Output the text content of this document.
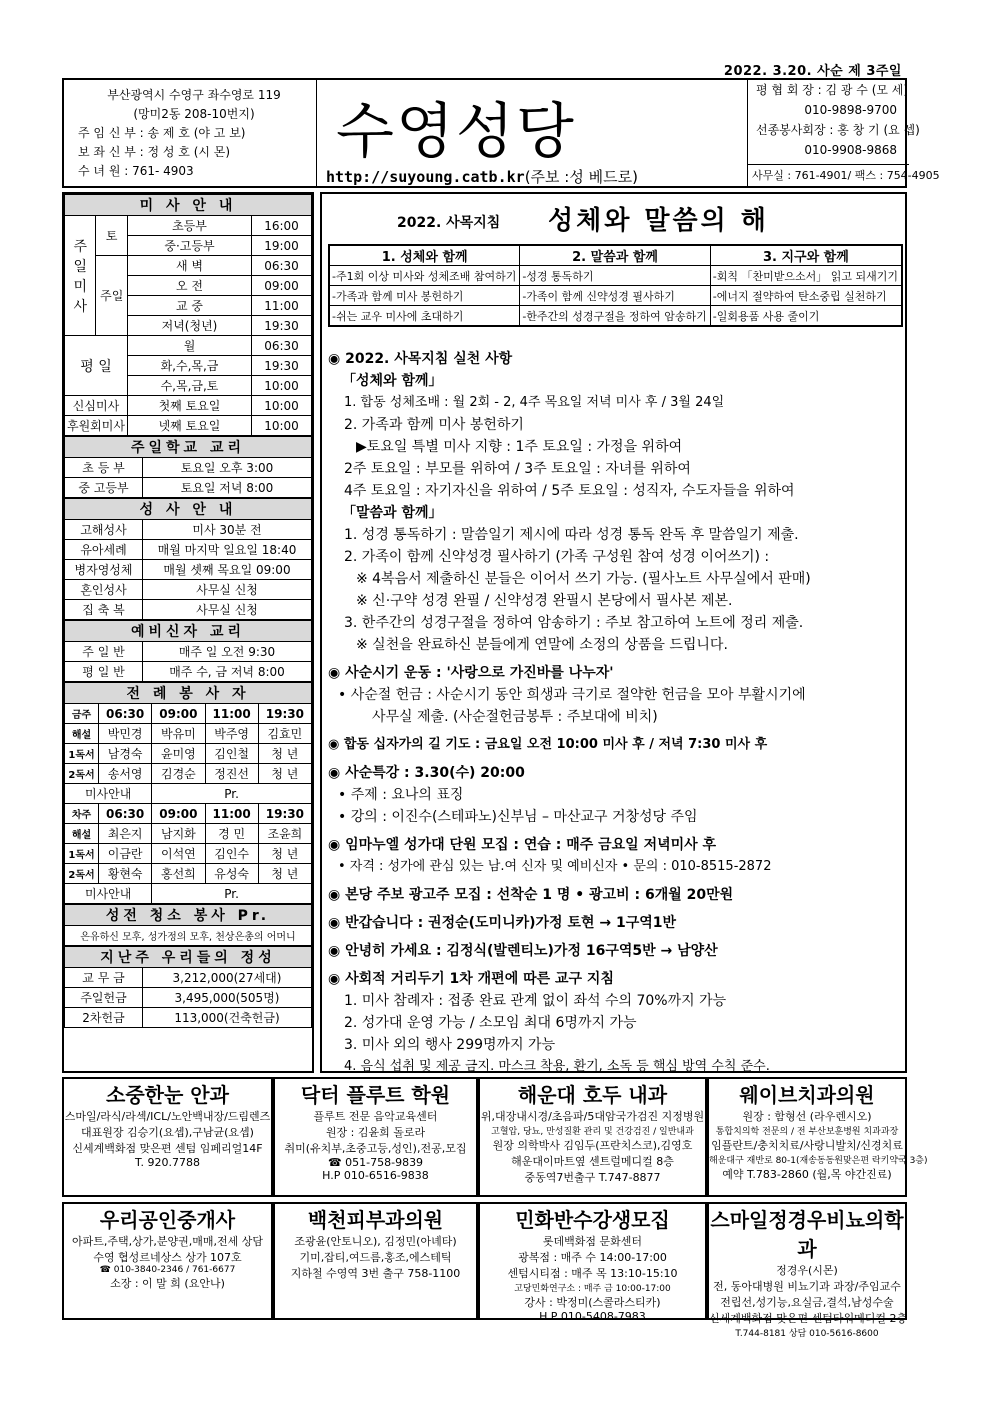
2022. 3.20. 사순 제 3주일
부산광역시 수영구 좌수영로 119
(망미2동 208-10번지)
주 임 신 부 : 송 제 호 (야 고 보)
보 좌 신 부 : 정 성 호 (시 몬)
수 녀 원 : 761- 4903
수영성당
http://suyoung.catb.kr(주보 :성 베드로)
평 협 회 장 : 김 광 수 (모 세)
010-9898-9700
선종봉사회장 : 홍 창 기 (요 셉)
010-9908-9868
사무실 : 761-4901/ 팩스 : 754-4905
미 사 안 내			
주일미사	토	초등부	16:00
		중·고등부	19:00
	주일	새 벽	06:30
		오 전	09:00
		교 중	11:00
		저녁(청년)	19:30
평 일		월	06:30
		화,수,목,금	19:30
		수,목,금,토	10:00
신심미사		첫째 토요일	10:00
후원회미사		넷째 토요일	10:00
주일학교 교리	
초 등 부	토요일 오후 3:00
중 고등부	토요일 저녁 8:00
성 사 안 내	
고해성사	미사 30분 전
유아세례	매월 마지막 일요일 18:40
병자영성체	매월 셋째 목요일 09:00
혼인성사	사무실 신청
집 축 복	사무실 신청
예비신자 교리	
주 일 반	매주 일 오전 9:30
평 일 반	매주 수, 금 저녁 8:00
전 례 봉 사 자				
금주	06:30	09:00	11:00	19:30
해설	박민경	박유미	박주영	김효민
1독서	남경숙	윤미영	김인철	청 년
2독서	송서영	김경순	정진선	청 년
미사안내		Pr.		
차주	06:30	09:00	11:00	19:30
해설	최은지	남지화	경 민	조윤희
1독서	이금란	이석연	김인수	청 년
2독서	황현숙	홍선희	유성숙	청 년
미사안내		Pr.		
성전 청소 봉사 Pr.
은유하신 모후, 성가정의 모후, 천상은총의 어머니
지난주 우리들의 정성	
교 무 금	3,212,000(27세대)
주일헌금	3,495,000(505명)
2차헌금	113,000(건축헌금)
2022. 사목지침 성체와 말씀의 해
1. 성체와 함께	2. 말씀과 함께	3. 지구와 함께
-주1회 이상 미사와 성체조배 참여하기	-성경 통독하기	-회칙 「찬미받으소서」 읽고 되새기기
-가족과 함께 미사 봉헌하기	-가족이 함께 신약성경 필사하기	-에너지 절약하여 탄소중립 실천하기
-쉬는 교우 미사에 초대하기	-한주간의 성경구절을 정하여 암송하기	-일회용품 사용 줄이기
◉ 2022. 사목지침 실천 사항
「성체와 함께」
1. 합동 성체조배 : 월 2회 - 2, 4주 목요일 저녁 미사 후 / 3월 24일
2. 가족과 함께 미사 봉헌하기
▶토요일 특별 미사 지향 : 1주 토요일 : 가정을 위하여
2주 토요일 : 부모를 위하여 / 3주 토요일 : 자녀를 위하여
4주 토요일 : 자기자신을 위하여 / 5주 토요일 : 성직자, 수도자들을 위하여
「말씀과 함께」
1. 성경 통독하기 : 말씀일기 제시에 따라 성경 통독 완독 후 말씀일기 제출.
2. 가족이 함께 신약성경 필사하기 (가족 구성원 참여 성경 이어쓰기) :
※ 4복음서 제출하신 분들은 이어서 쓰기 가능. (필사노트 사무실에서 판매)
※ 신·구약 성경 완필 / 신약성경 완필시 본당에서 필사본 제본.
3. 한주간의 성경구절을 정하여 암송하기 : 주보 참고하여 노트에 정리 제출.
※ 실천을 완료하신 분들에게 연말에 소정의 상품을 드립니다.
◉ 사순시기 운동 : '사랑으로 가진바를 나누자'
• 사순절 헌금 : 사순시기 동안 희생과 극기로 절약한 헌금을 모아 부활시기에
사무실 제출. (사순절헌금봉투 : 주보대에 비치)
◉ 합동 십자가의 길 기도 : 금요일 오전 10:00 미사 후 / 저녁 7:30 미사 후
◉ 사순특강 : 3.30(수) 20:00
• 주제 : 요나의 표징
• 강의 : 이진수(스테파노)신부님 – 마산교구 거창성당 주임
◉ 임마누엘 성가대 단원 모집 : 연습 : 매주 금요일 저녁미사 후
• 자격 : 성가에 관심 있는 남.여 신자 및 예비신자 • 문의 : 010-8515-2872
◉ 본당 주보 광고주 모집 : 선착순 1 명 • 광고비 : 6개월 20만원
◉ 반갑습니다 : 권정순(도미니카)가정 토현 → 1구역1반
◉ 안녕히 가세요 : 김정식(발렌티노)가정 16구역5반 → 남양산
◉ 사회적 거리두기 1차 개편에 따른 교구 지침
1. 미사 참례자 : 접종 완료 관계 없이 좌석 수의 70%까지 가능
2. 성가대 운영 가능 / 소모임 최대 6명까지 가능
3. 미사 외의 행사 299명까지 가능
4. 음식 섭취 및 제공 금지. 마스크 착용, 환기, 소독 등 핵심 방역 수칙 준수.
소중한눈 안과
스마일/라식/라섹/ICL/노안백내장/드림렌즈
대표원장 김승기(요셉),구남균(요셉)
신세계백화점 맞은편 센텀 임페리얼14F
T. 920.7788
닥터 플루트 학원
플루트 전문 음악교육센터
원장 : 김윤희 돌로라
취미(유치부,초중고등,성인),전공,모집
☎ 051-758-9839
H.P 010-6516-9838
해운대 호두 내과
위,대장내시경/초음파/5대암국가검진 지정병원
고혈압, 당뇨, 만성질환 관리 및 건강검진 / 일반내과
원장 의학박사 김임두(프란치스코),김영호
해운대이마트옆 센트럴메디컬 8층
중동역7번출구 T.747-8877
웨이브치과의원
원장 : 함형선 (라우렌시오)
통합치의학 전문의 / 전 부산보훈병원 치과과장
임플란트/충치치료/사랑니발치/신경치료
해운대구 재반로 80-1(재송동동원맞은편 락키약국 3층)
예약 T.783-2860 (월,목 야간진료)
우리공인중개사
아파트,주택,상가,분양권,매매,전세 상담
수영 협성르네상스 상가 107호
☎ 010-3840-2346 / 761-6677
소장 : 이 말 희 (요안나)
백천피부과의원
조광윤(안토니오), 김정민(아녜타)
기미,잡티,여드름,홍조,에스테틱
지하철 수영역 3번 출구 758-1100
민화반수강생모집
롯데백화점 문화센터
광복점 : 매주 수 14:00-17:00
센텀시티점 : 매주 목 13:10-15:10
고당민화연구소 : 매주 금 10:00-17:00
강사 : 박정미(스콜라스티카)
H.P 010-5408-7983
스마일정경우비뇨의학과
정경우(시몬)
전, 동아대병원 비뇨기과 과장/주임교수
전립선,성기능,요실금,결석,남성수술
신세계백화점 맞은편 센텀타워메디컬 2층
T.744-8181 상담 010-5616-8600
